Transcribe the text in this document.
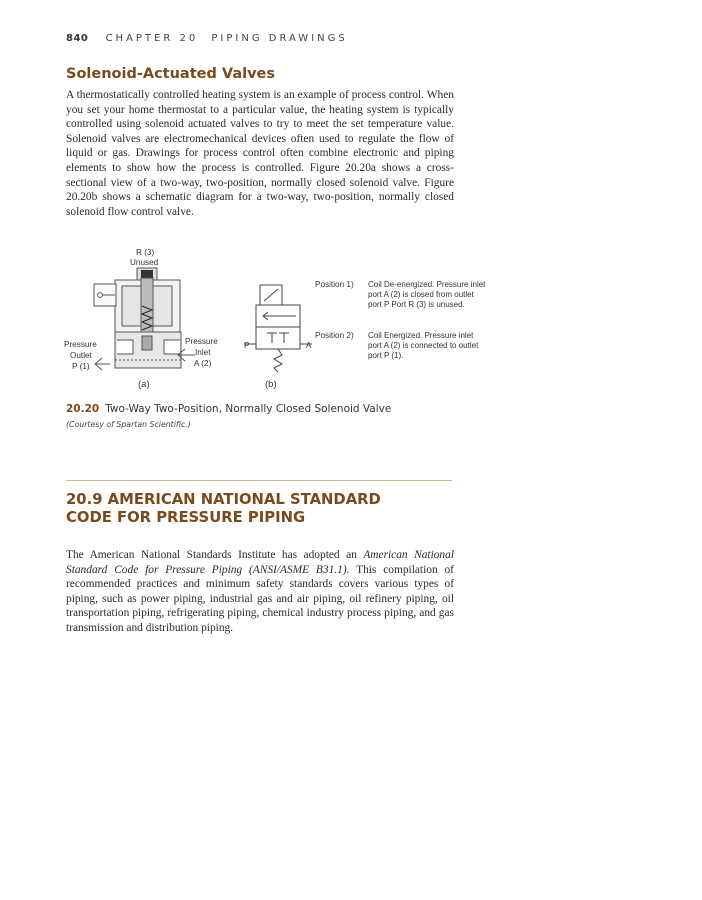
840 CHAPTER 20 PIPING DRAWINGS
Solenoid-Actuated Valves

A thermostatically controlled heating system is an example of process control. When you set your home thermostat to a particular value, the heating system is typically controlled using solenoid actuated valves to try to meet the set temperature value. Solenoid valves are electromechanical devices often used to regulate the flow of liquid or gas. Drawings for process control often combine electronic and piping elements to show how the process is controlled. Figure 20.20a shows a cross-sectional view of a two-way, two-position, normally closed solenoid valve. Figure 20.20b shows a schematic diagram for a two-way, two-position, normally closed solenoid flow control valve.

R (3)
Unused
Pressure
Outlet
P (1)
Pressure
Inlet
A (2)
P	A
(a)	(b)
Position 1) Coil De-energized. Pressure inlet port A (2) is closed from outlet port P Port R (3) is unused.
Position 2) Coil Energized. Pressure inlet port A (2) is connected to outlet port P (1).
20.20 Two-Way Two-Position, Normally Closed Solenoid Valve
(Courtesy of Spartan Scientific.)
20.9 AMERICAN NATIONAL STANDARD
CODE FOR PRESSURE PIPING

The American National Standards Institute has adopted an American National Standard Code for Pressure Piping (ANSI/ASME B31.1). This compilation of recommended practices and minimum safety standards covers various types of piping, such as power piping, industrial gas and air piping, oil refinery piping, oil transportation piping, refrigerating piping, chemical industry process piping, and gas transmission and distribution piping.
